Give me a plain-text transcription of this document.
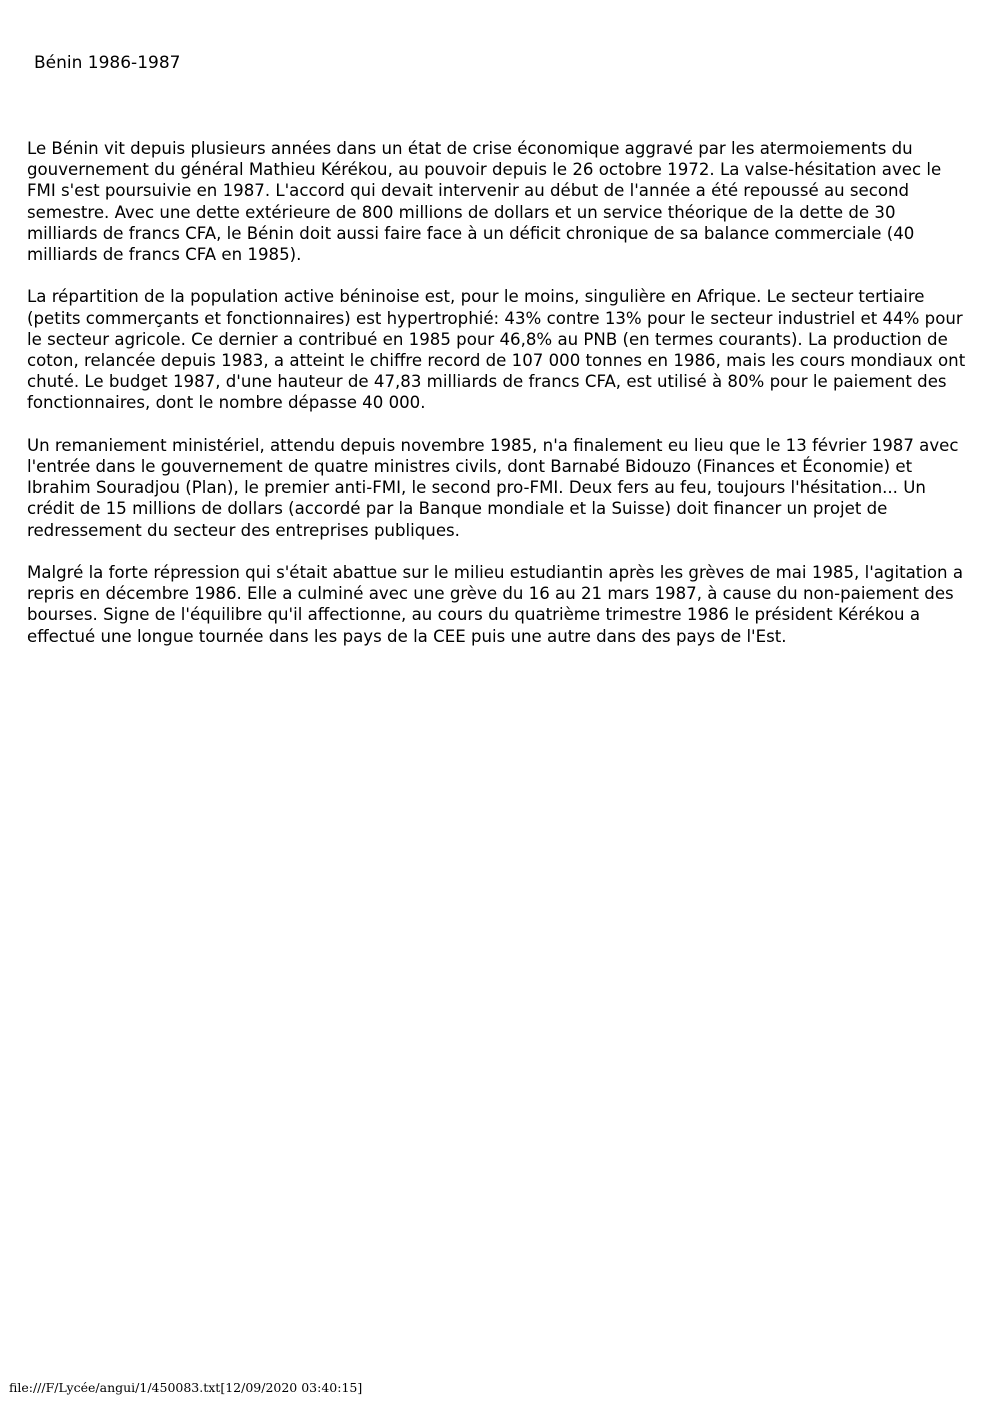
Bénin 1986-1987

Le Bénin vit depuis plusieurs années dans un état de crise économique aggravé par les atermoiements du gouvernement du général Mathieu Kérékou, au pouvoir depuis le 26 octobre 1972. La valse-hésitation avec le FMI s'est poursuivie en 1987. L'accord qui devait intervenir au début de l'année a été repoussé au second semestre. Avec une dette extérieure de 800 millions de dollars et un service théorique de la dette de 30 milliards de francs CFA, le Bénin doit aussi faire face à un déficit chronique de sa balance commerciale (40 milliards de francs CFA en 1985).

La répartition de la population active béninoise est, pour le moins, singulière en Afrique. Le secteur tertiaire (petits commerçants et fonctionnaires) est hypertrophié: 43% contre 13% pour le secteur industriel et 44% pour le secteur agricole. Ce dernier a contribué en 1985 pour 46,8% au PNB (en termes courants). La production de coton, relancée depuis 1983, a atteint le chiffre record de 107 000 tonnes en 1986, mais les cours mondiaux ont chuté. Le budget 1987, d'une hauteur de 47,83 milliards de francs CFA, est utilisé à 80% pour le paiement des fonctionnaires, dont le nombre dépasse 40 000.

Un remaniement ministériel, attendu depuis novembre 1985, n'a finalement eu lieu que le 13 février 1987 avec l'entrée dans le gouvernement de quatre ministres civils, dont Barnabé Bidouzo (Finances et Économie) et Ibrahim Souradjou (Plan), le premier anti-FMI, le second pro-FMI. Deux fers au feu, toujours l'hésitation... Un crédit de 15 millions de dollars (accordé par la Banque mondiale et la Suisse) doit financer un projet de redressement du secteur des entreprises publiques.

Malgré la forte répression qui s'était abattue sur le milieu estudiantin après les grèves de mai 1985, l'agitation a repris en décembre 1986. Elle a culminé avec une grève du 16 au 21 mars 1987, à cause du non-paiement des bourses. Signe de l'équilibre qu'il affectionne, au cours du quatrième trimestre 1986 le président Kérékou a effectué une longue tournée dans les pays de la CEE puis une autre dans des pays de l'Est.

file:///F/Lycée/angui/1/450083.txt[12/09/2020 03:40:15]
